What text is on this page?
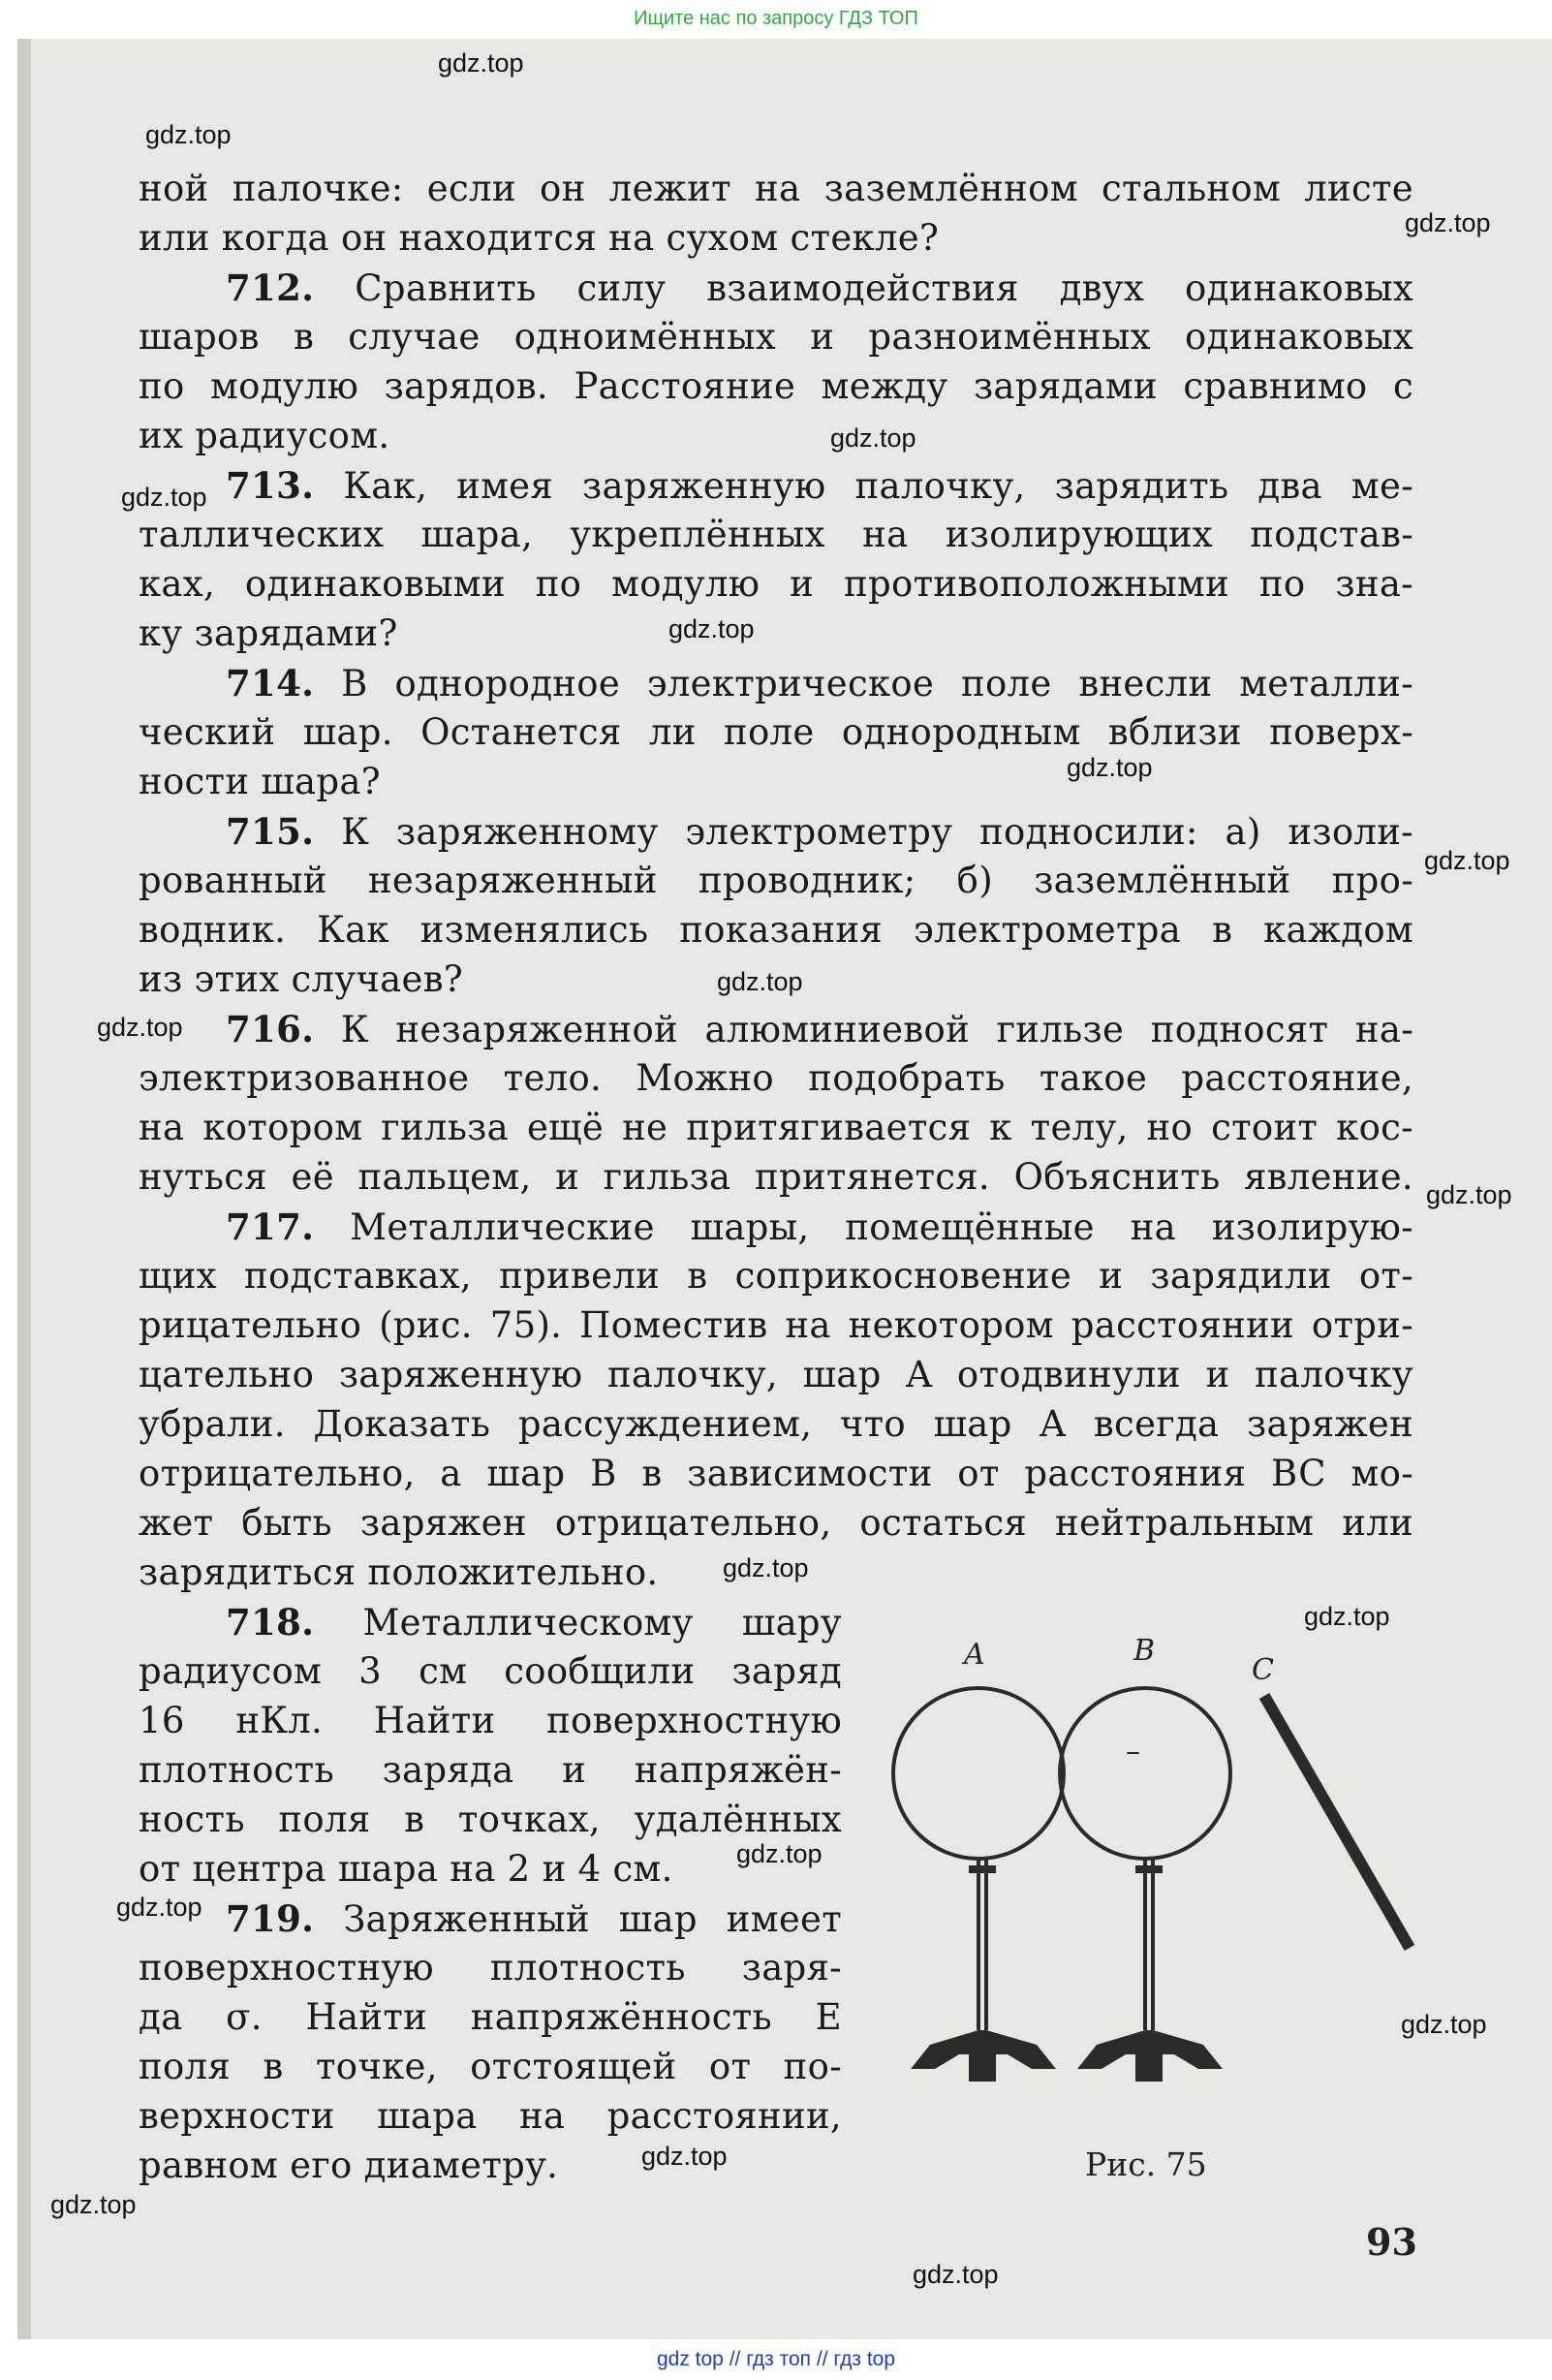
Ищите нас по запросу ГДЗ ТОП
ной палочке: если он лежит на заземлённом стальном листе
или когда он находится на сухом стекле?
712. Сравнить силу взаимодействия двух одинаковых
шаров в случае одноимённых и разноимённых одинаковых
по модулю зарядов. Расстояние между зарядами сравнимо с
их радиусом.
713. Как, имея заряженную палочку, зарядить два ме-
таллических шара, укреплённых на изолирующих подстав-
ках, одинаковыми по модулю и противоположными по зна-
ку зарядами?
714. В однородное электрическое поле внесли металли-
ческий шар. Останется ли поле однородным вблизи поверх-
ности шара?
715. К заряженному электрометру подносили: а) изоли-
рованный незаряженный проводник; б) заземлённый про-
водник. Как изменялись показания электрометра в каждом
из этих случаев?
716. К незаряженной алюминиевой гильзе подносят на-
электризованное тело. Можно подобрать такое расстояние,
на котором гильза ещё не притягивается к телу, но стоит кос-
нуться её пальцем, и гильза притянется. Объяснить явление.
717. Металлические шары, помещённые на изолирую-
щих подставках, привели в соприкосновение и зарядили от-
рицательно (рис. 75). Поместив на некотором расстоянии отри-
цательно заряженную палочку, шар A отодвинули и палочку
убрали. Доказать рассуждением, что шар A всегда заряжен
отрицательно, а шар B в зависимости от расстояния BC мо-
жет быть заряжен отрицательно, остаться нейтральным или
зарядиться положительно.
718. Металлическому шару
радиусом 3 см сообщили заряд
16 нКл. Найти поверхностную
плотность заряда и напряжён-
ность поля в точках, удалённых
от центра шара на 2 и 4 см.
719. Заряженный шар имеет
поверхностную плотность заря-
да σ. Найти напряжённость E
поля в точке, отстоящей от по-
верхности шара на расстоянии,
равном его диаметру.
A	B
C
–
Рис. 75
93
gdz.top
gdz.top
gdz.top
gdz.top
gdz.top
gdz.top
gdz.top
gdz.top
gdz.top
gdz.top
gdz.top
gdz.top
gdz.top
gdz.top
gdz.top
gdz.top
gdz.top
gdz.top
gdz.top
gdz top // гдз топ // гдз top
